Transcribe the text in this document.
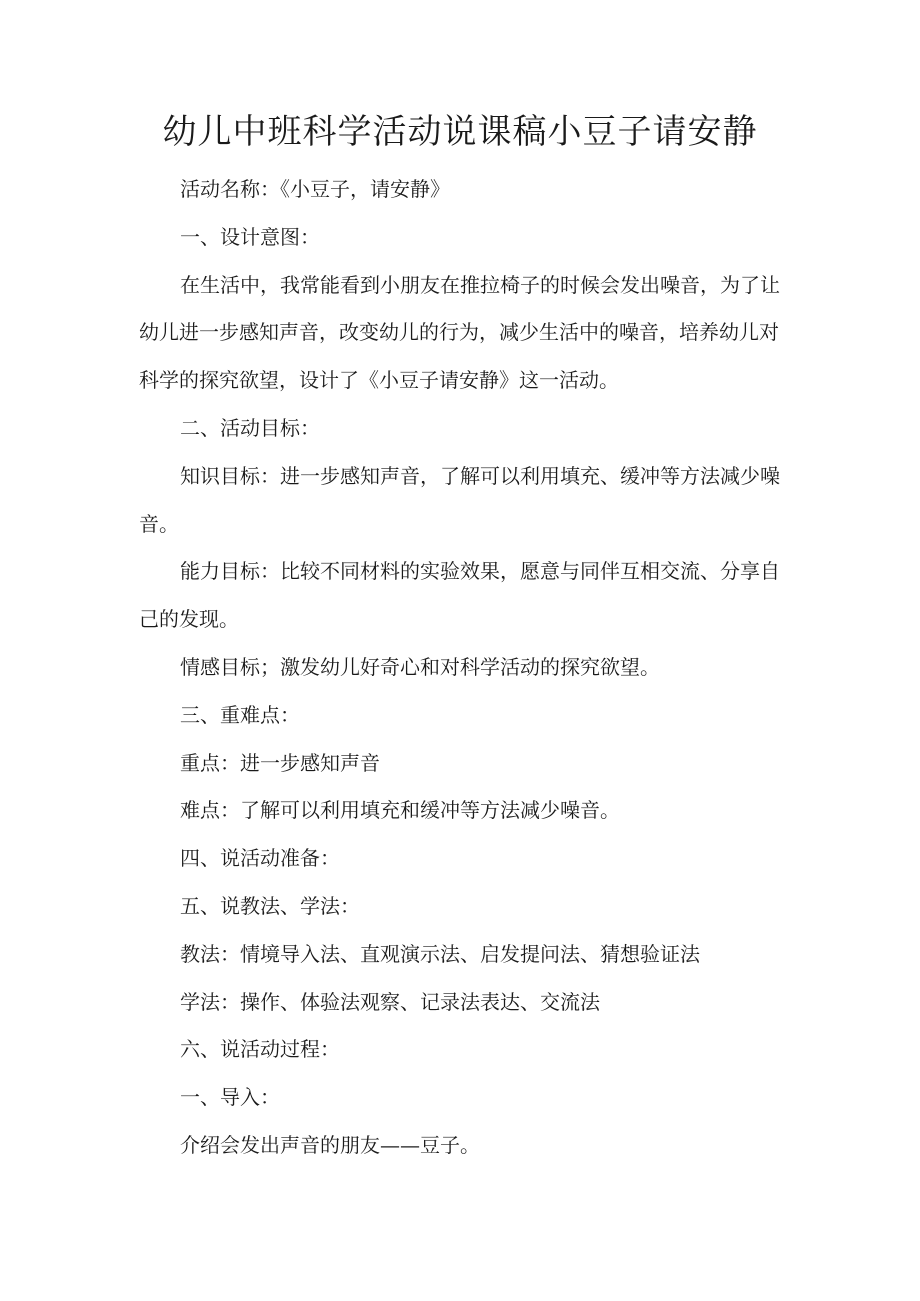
幼儿中班科学活动说课稿小豆子请安静

活动名称：《小豆子，请安静》

一、设计意图：

在生活中，我常能看到小朋友在推拉椅子的时候会发出噪音，为了让幼儿进一步感知声音，改变幼儿的行为，减少生活中的噪音，培养幼儿对科学的探究欲望，设计了《小豆子请安静》这一活动。

二、活动目标：

知识目标：进一步感知声音，了解可以利用填充、缓冲等方法减少噪音。

能力目标：比较不同材料的实验效果，愿意与同伴互相交流、分享自己的发现。

情感目标；激发幼儿好奇心和对科学活动的探究欲望。

三、重难点：

重点：进一步感知声音

难点：了解可以利用填充和缓冲等方法减少噪音。

四、说活动准备：

五、说教法、学法：

教法：情境导入法、直观演示法、启发提问法、猜想验证法

学法：操作、体验法观察、记录法表达、交流法

六、说活动过程：

一、导入：

介绍会发出声音的朋友——豆子。
